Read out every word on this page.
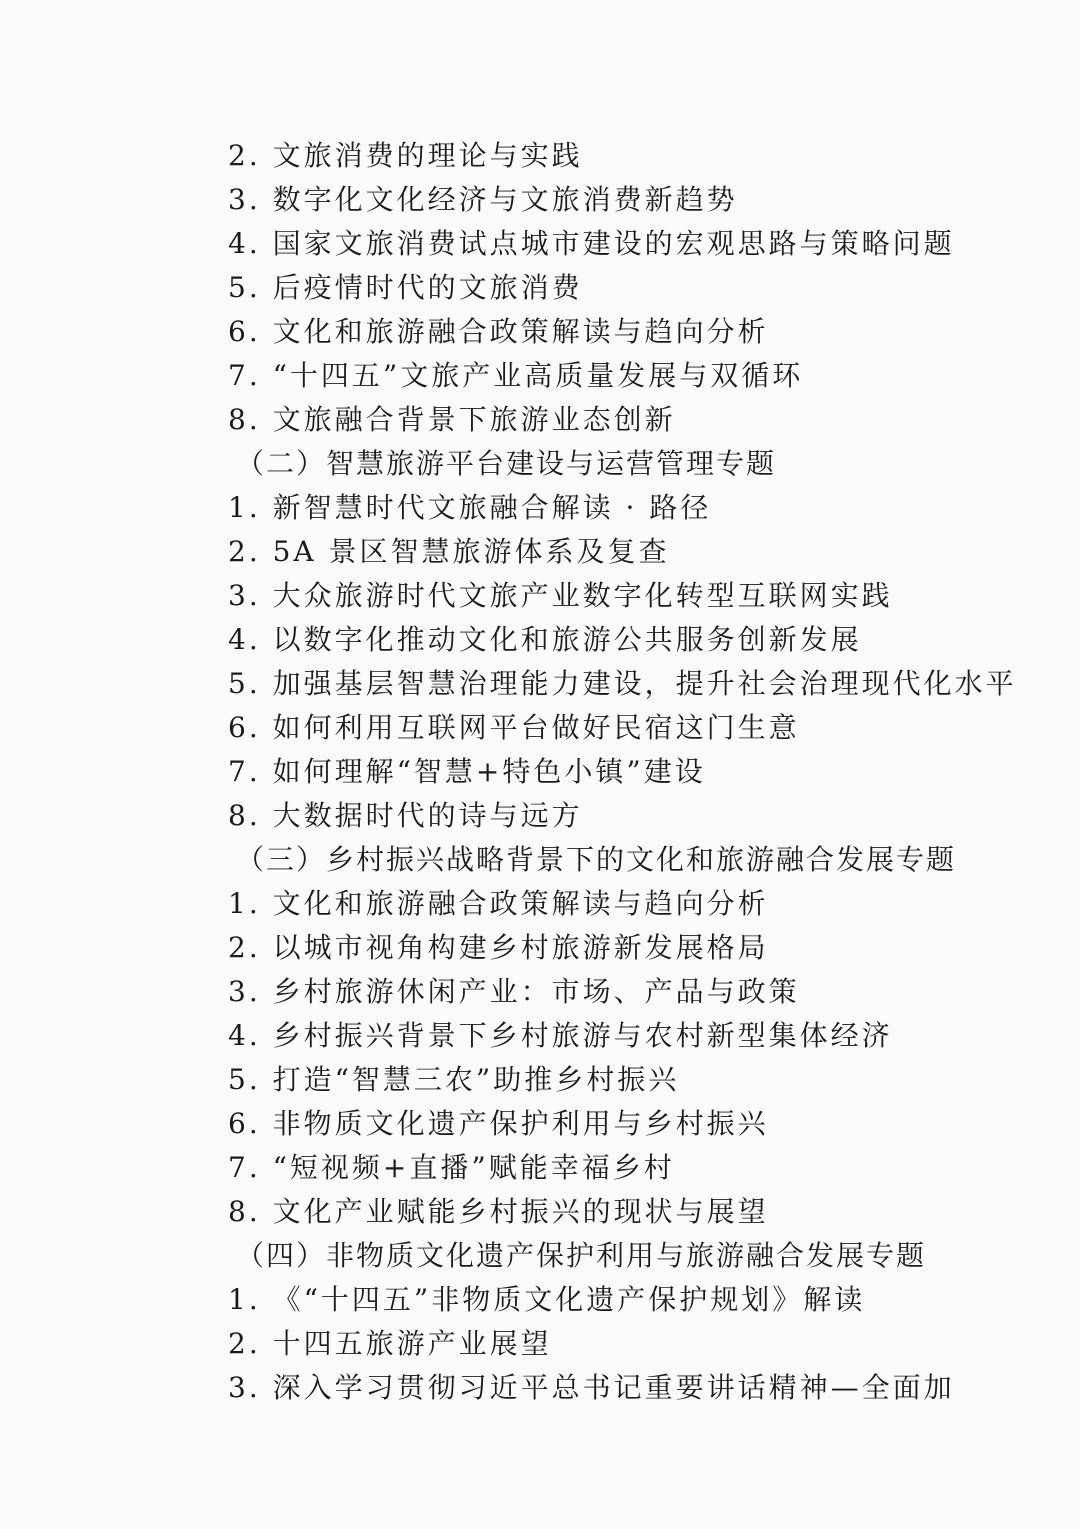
2. 文旅消费的理论与实践
3. 数字化文化经济与文旅消费新趋势
4. 国家文旅消费试点城市建设的宏观思路与策略问题
5. 后疫情时代的文旅消费
6. 文化和旅游融合政策解读与趋向分析
7. “十四五”文旅产业高质量发展与双循环
8. 文旅融合背景下旅游业态创新
（二）智慧旅游平台建设与运营管理专题
1. 新智慧时代文旅融合解读 · 路径
2. 5A 景区智慧旅游体系及复查
3. 大众旅游时代文旅产业数字化转型互联网实践
4. 以数字化推动文化和旅游公共服务创新发展
5. 加强基层智慧治理能力建设，提升社会治理现代化水平
6. 如何利用互联网平台做好民宿这门生意
7. 如何理解“智慧+特色小镇”建设
8. 大数据时代的诗与远方
（三）乡村振兴战略背景下的文化和旅游融合发展专题
1. 文化和旅游融合政策解读与趋向分析
2. 以城市视角构建乡村旅游新发展格局
3. 乡村旅游休闲产业：市场、产品与政策
4. 乡村振兴背景下乡村旅游与农村新型集体经济
5. 打造“智慧三农”助推乡村振兴
6. 非物质文化遗产保护利用与乡村振兴
7. “短视频+直播”赋能幸福乡村
8. 文化产业赋能乡村振兴的现状与展望
（四）非物质文化遗产保护利用与旅游融合发展专题
1. 《“十四五”非物质文化遗产保护规划》解读
2. 十四五旅游产业展望
3. 深入学习贯彻习近平总书记重要讲话精神—全面加
